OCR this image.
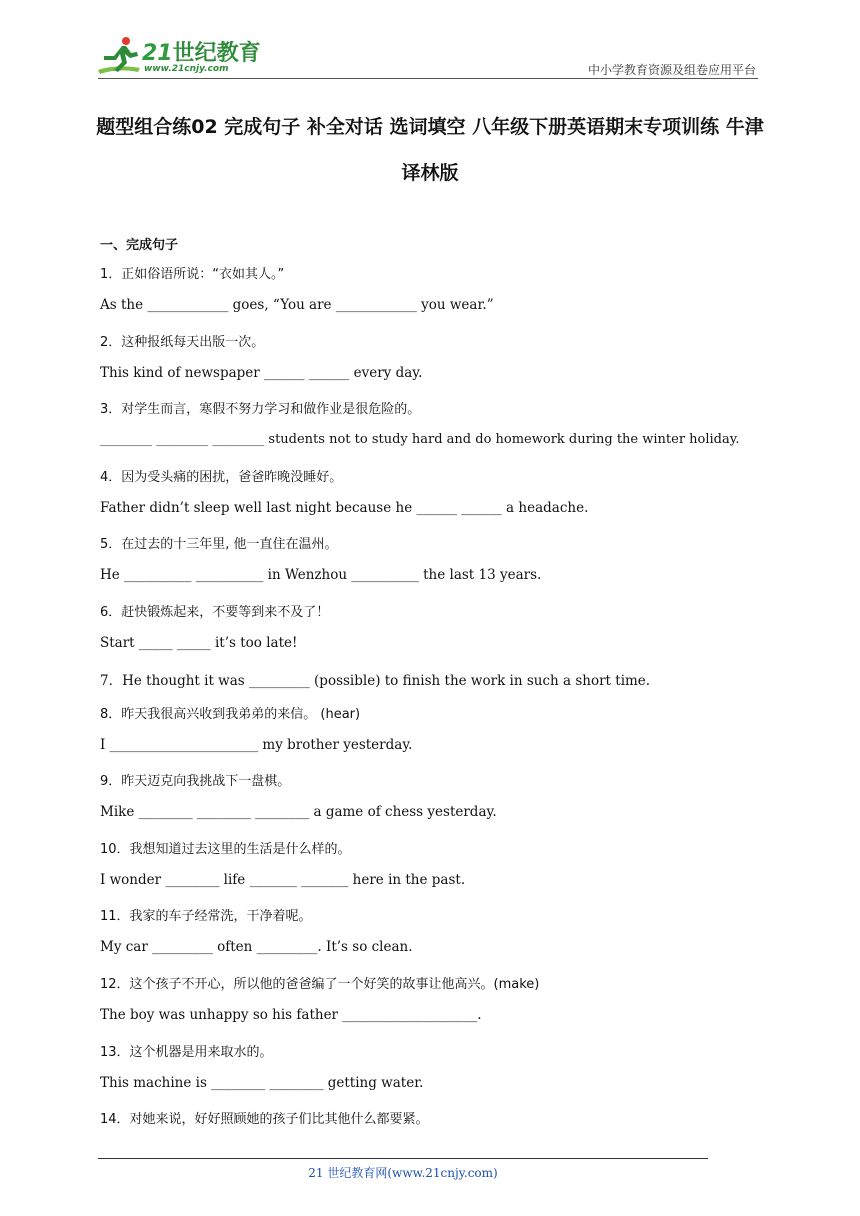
21世纪教育
www.21cnjy.com	中小学教育资源及组卷应用平台
题型组合练02 完成句子 补全对话 选词填空 八年级下册英语期末专项训练 牛津译林版
一、完成句子
1．正如俗语所说：“衣如其人。”
As the ____________ goes, “You are ____________ you wear.”
2．这种报纸每天出版一次。
This kind of newspaper ______ ______ every day.
3．对学生而言，寒假不努力学习和做作业是很危险的。
________ ________ ________ students not to study hard and do homework during the winter holiday.
4．因为受头痛的困扰，爸爸昨晚没睡好。
Father didn’t sleep well last night because he ______ ______ a headache.
5．在过去的十三年里, 他一直住在温州。
He __________ __________ in Wenzhou __________ the last 13 years.
6．赶快锻炼起来，不要等到来不及了！
Start _____ _____ it’s too late!
7．He thought it was _________ (possible) to finish the work in such a short time.
8．昨天我很高兴收到我弟弟的来信。 (hear)
I ______________________ my brother yesterday.
9．昨天迈克向我挑战下一盘棋。
Mike ________ ________ ________ a game of chess yesterday.
10．我想知道过去这里的生活是什么样的。
I wonder ________ life _______ _______ here in the past.
11．我家的车子经常洗，干净着呢。
My car _________ often _________. It’s so clean.
12．这个孩子不开心，所以他的爸爸编了一个好笑的故事让他高兴。(make)
The boy was unhappy so his father ____________________.
13．这个机器是用来取水的。
This machine is ________ ________ getting water.
14．对她来说，好好照顾她的孩子们比其他什么都要紧。
21 世纪教育网(www.21cnjy.com)
